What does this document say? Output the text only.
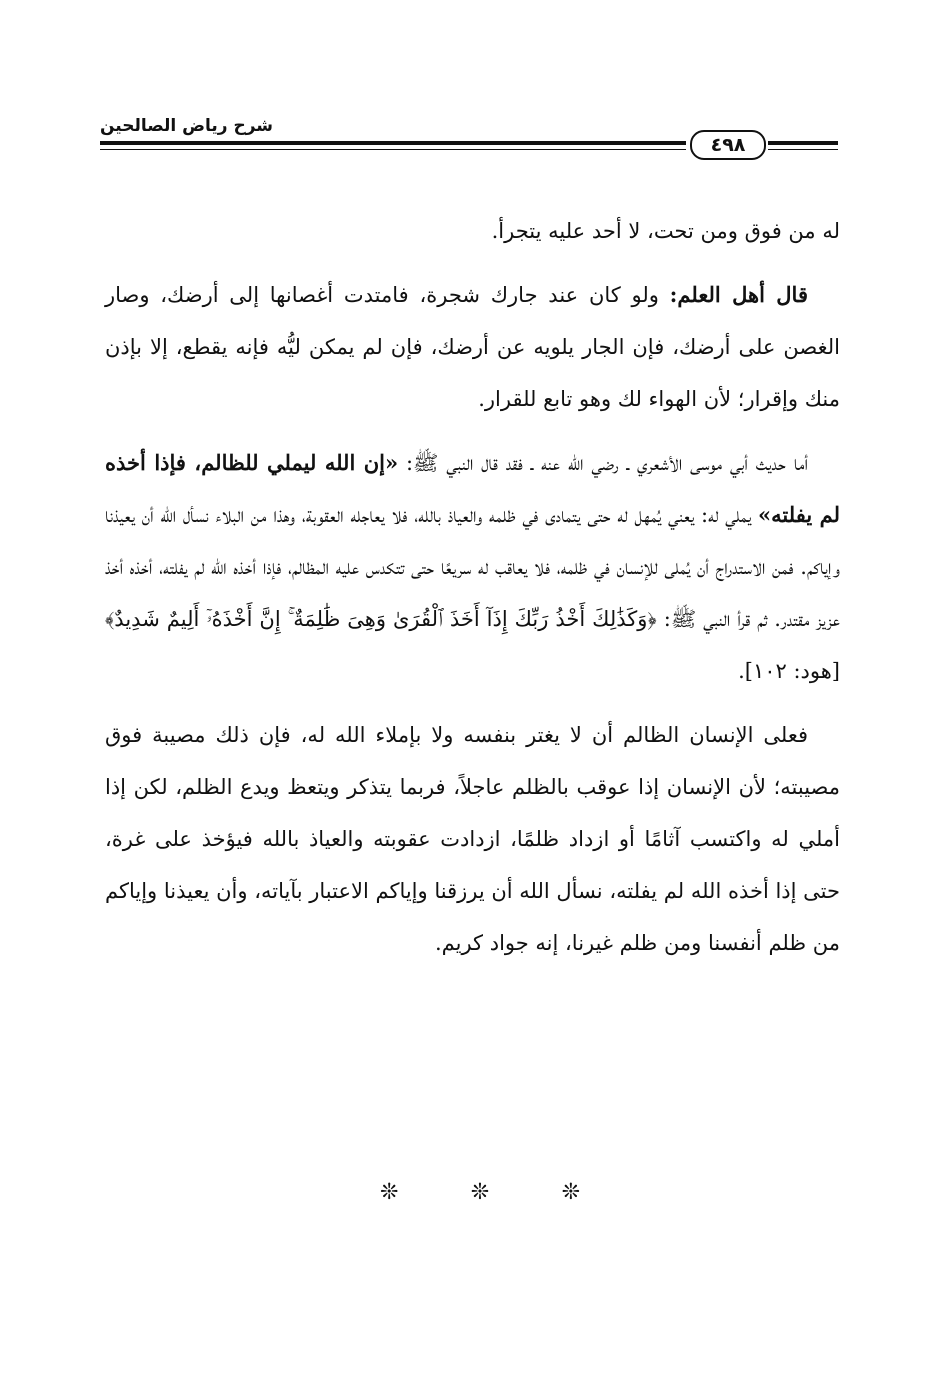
شرح رياض الصالحين
٤٩٨

له من فوق ومن تحت، لا أحد عليه يتجرأ.

قال أهل العلم: ولو كان عند جارك شجرة، فامتدت أغصانها إلى أرضك، وصار الغصن على أرضك، فإن الجار يلويه عن أرضك، فإن لم يمكن ليُّه فإنه يقطع، إلا بإذن منك وإقرار؛ لأن الهواء لك وهو تابع للقرار.

أما حديث أبي موسى الأشعري ـ رضي الله عنه ـ فقد قال النبي ﷺ: «إن الله ليملي للظالم، فإذا أخذه لم يفلته» يملي له: يعني يُمهل له حتى يتمادى في ظلمه والعياذ بالله، فلا يعاجله العقوبة، وهذا من البلاء نسأل الله أن يعيذنا وإياكم. فمن الاستدراج أن يُملى للإنسان في ظلمه، فلا يعاقب له سريعًا حتى تتكدس عليه المظالم، فإذا أخذه الله لم يفلته، أخذه أخذ عزيز مقتدر. ثم قرأ النبي ﷺ: ﴿وَكَذَٰلِكَ أَخْذُ رَبِّكَ إِذَآ أَخَذَ ٱلْقُرَىٰ وَهِىَ ظَٰلِمَةٌ ۚ إِنَّ أَخْذَهُۥٓ أَلِيمٌ شَدِيدٌ﴾ [هود: ١٠٢].

فعلى الإنسان الظالم أن لا يغتر بنفسه ولا بإملاء الله له، فإن ذلك مصيبة فوق مصيبته؛ لأن الإنسان إذا عوقب بالظلم عاجلاً، فربما يتذكر ويتعظ ويدع الظلم، لكن إذا أملي له واكتسب آثامًا أو ازداد ظلمًا، ازدادت عقوبته والعياذ بالله فيؤخذ على غرة، حتى إذا أخذه الله لم يفلته، نسأل الله أن يرزقنا وإياكم الاعتبار بآياته، وأن يعيذنا وإياكم من ظلم أنفسنا ومن ظلم غيرنا، إنه جواد كريم.

❊	❊	❊
